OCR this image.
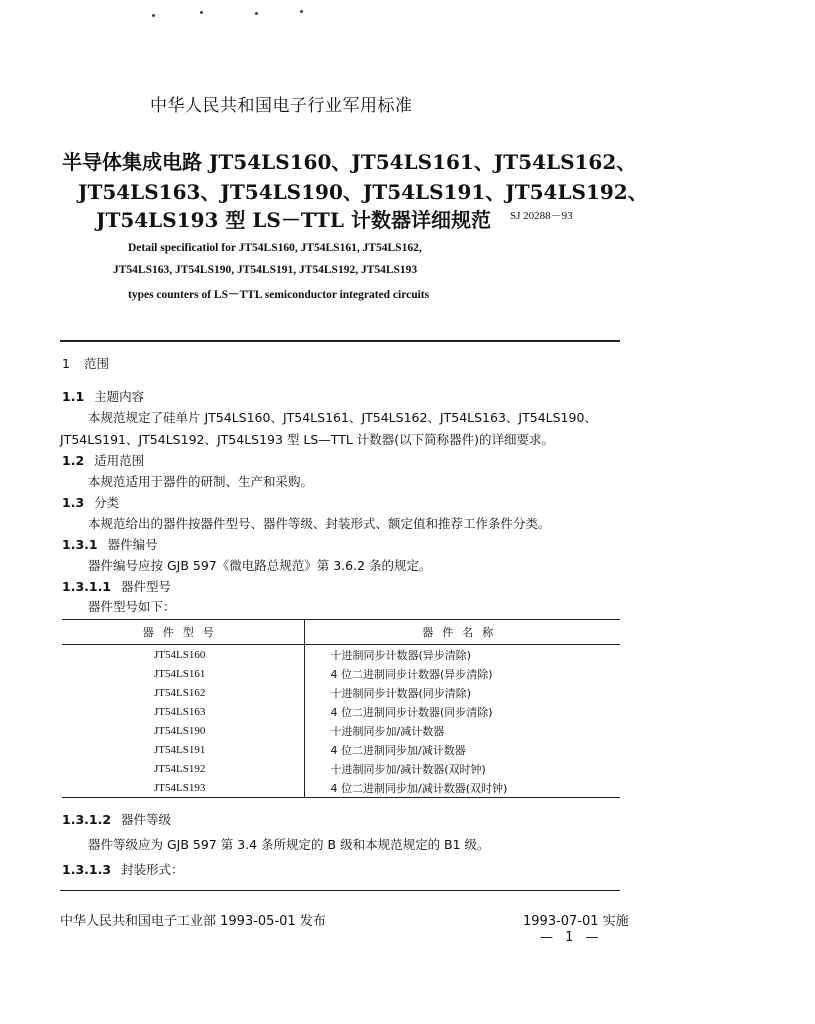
中华人民共和国电子行业军用标准
半导体集成电路 JT54LS160、JT54LS161、JT54LS162、
JT54LS163、JT54LS190、JT54LS191、JT54LS192、
JT54LS193 型 LS－TTL 计数器详细规范 SJ 20288－93
Detail specificatiol for JT54LS160, JT54LS161, JT54LS162,
JT54LS163, JT54LS190, JT54LS191, JT54LS192, JT54LS193
types counters of LS－TTL semiconductor integrated circuits
1 范围
1.1 主题内容
本规范规定了硅单片 JT54LS160、JT54LS161、JT54LS162、JT54LS163、JT54LS190、
JT54LS191、JT54LS192、JT54LS193 型 LS—TTL 计数器(以下简称器件)的详细要求。
1.2 适用范围
本规范适用于器件的研制、生产和采购。
1.3 分类
本规范给出的器件按器件型号、器件等级、封装形式、额定值和推荐工作条件分类。
1.3.1 器件编号
器件编号应按 GJB 597《微电路总规范》第 3.6.2 条的规定。
1.3.1.1 器件型号
器件型号如下：
器件型号	器件名称
JT54LS160	十进制同步计数器(异步清除)
JT54LS161	4 位二进制同步计数器(异步清除)
JT54LS162	十进制同步计数器(同步清除)
JT54LS163	4 位二进制同步计数器(同步清除)
JT54LS190	十进制同步加/减计数器
JT54LS191	4 位二进制同步加/减计数器
JT54LS192	十进制同步加/减计数器(双时钟)
JT54LS193	4 位二进制同步加/减计数器(双时钟)
1.3.1.2 器件等级
器件等级应为 GJB 597 第 3.4 条所规定的 B 级和本规范规定的 B1 级。
1.3.1.3 封装形式：
中华人民共和国电子工业部 1993-05-01 发布	1993-07-01 实施
— 1 —
